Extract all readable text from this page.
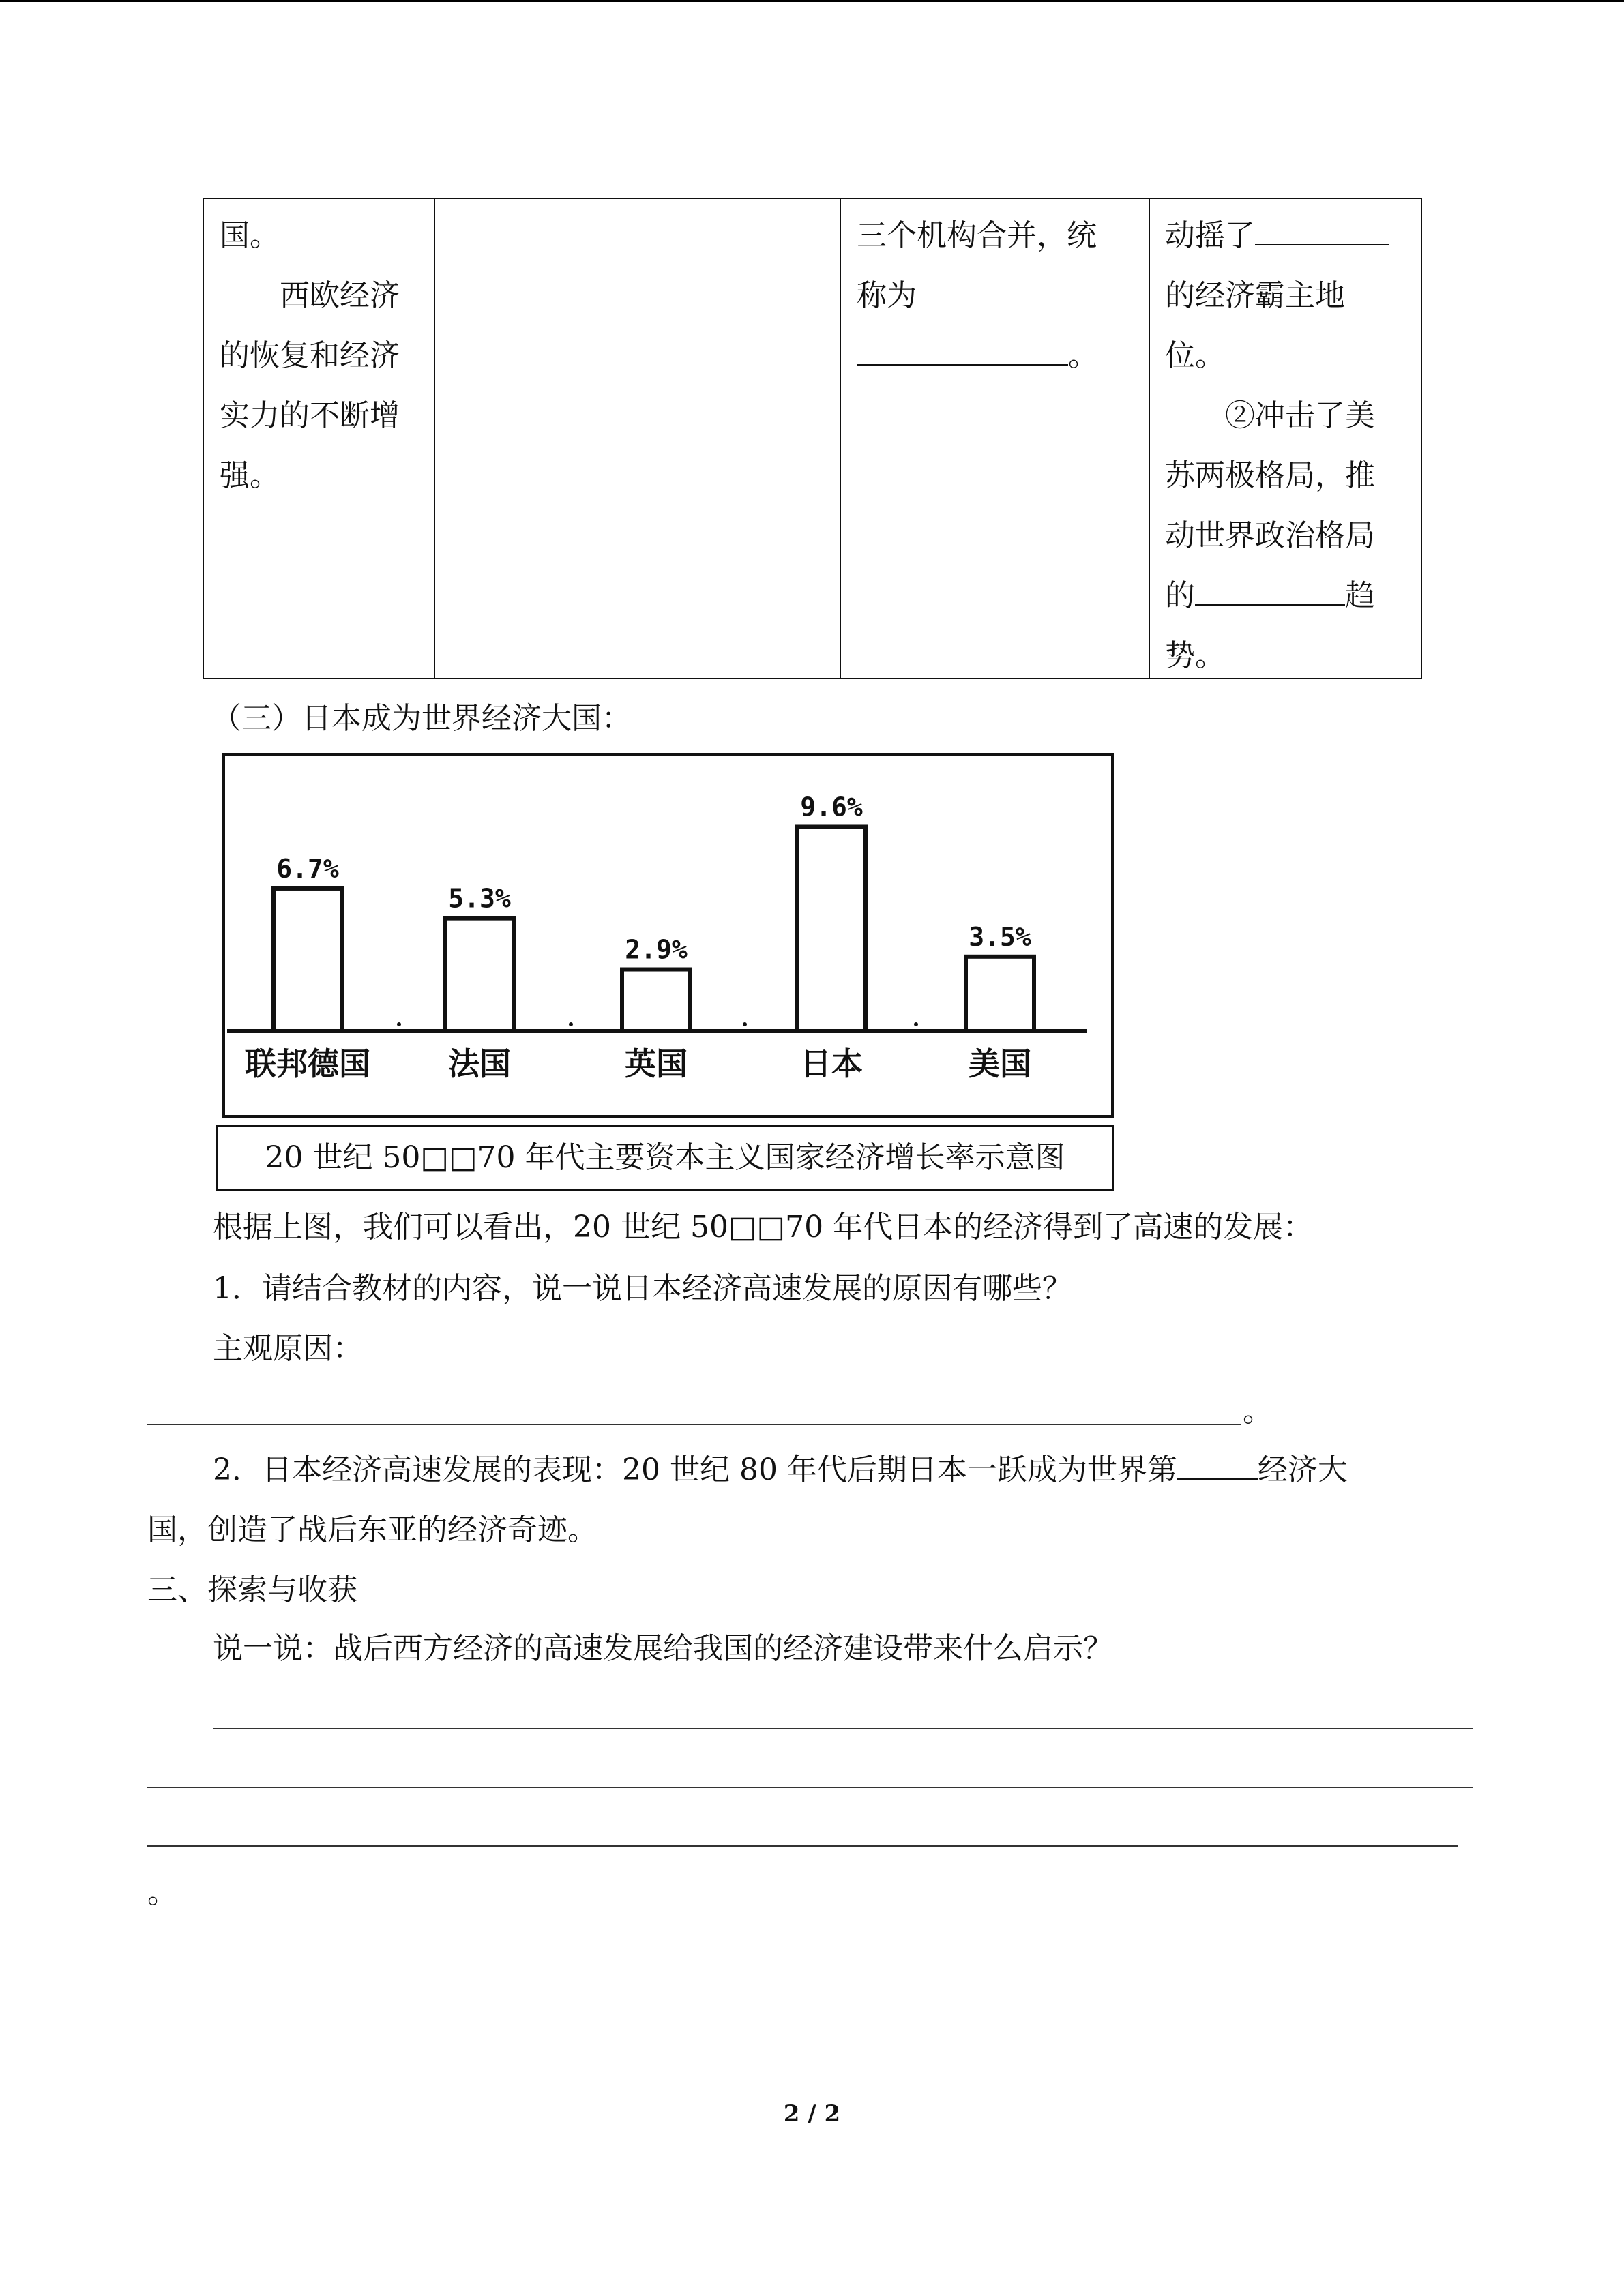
国。

西欧经济

的恢复和经济

实力的不断增

强。

三个机构合并，统

称为

。

动摇了

的经济霸主地

位。

②冲击了美

苏两极格局，推

动世界政治格局

的	趋

势。

（三）日本成为世界经济大国：
6.7%
联邦德国
5.3%
法国
2.9%
英国
9.6%
日本
3.5%
美国
20 世纪 50□□70 年代主要资本主义国家经济增长率示意图
根据上图，我们可以看出，20 世纪 50□□70 年代日本的经济得到了高速的发展：
1．请结合教材的内容，说一说日本经济高速发展的原因有哪些？
主观原因：
。
2．日本经济高速发展的表现：20 世纪 80 年代后期日本一跃成为世界第	经济大
国，创造了战后东亚的经济奇迹。
三、探索与收获
说一说：战后西方经济的高速发展给我国的经济建设带来什么启示？
。
2 / 2
